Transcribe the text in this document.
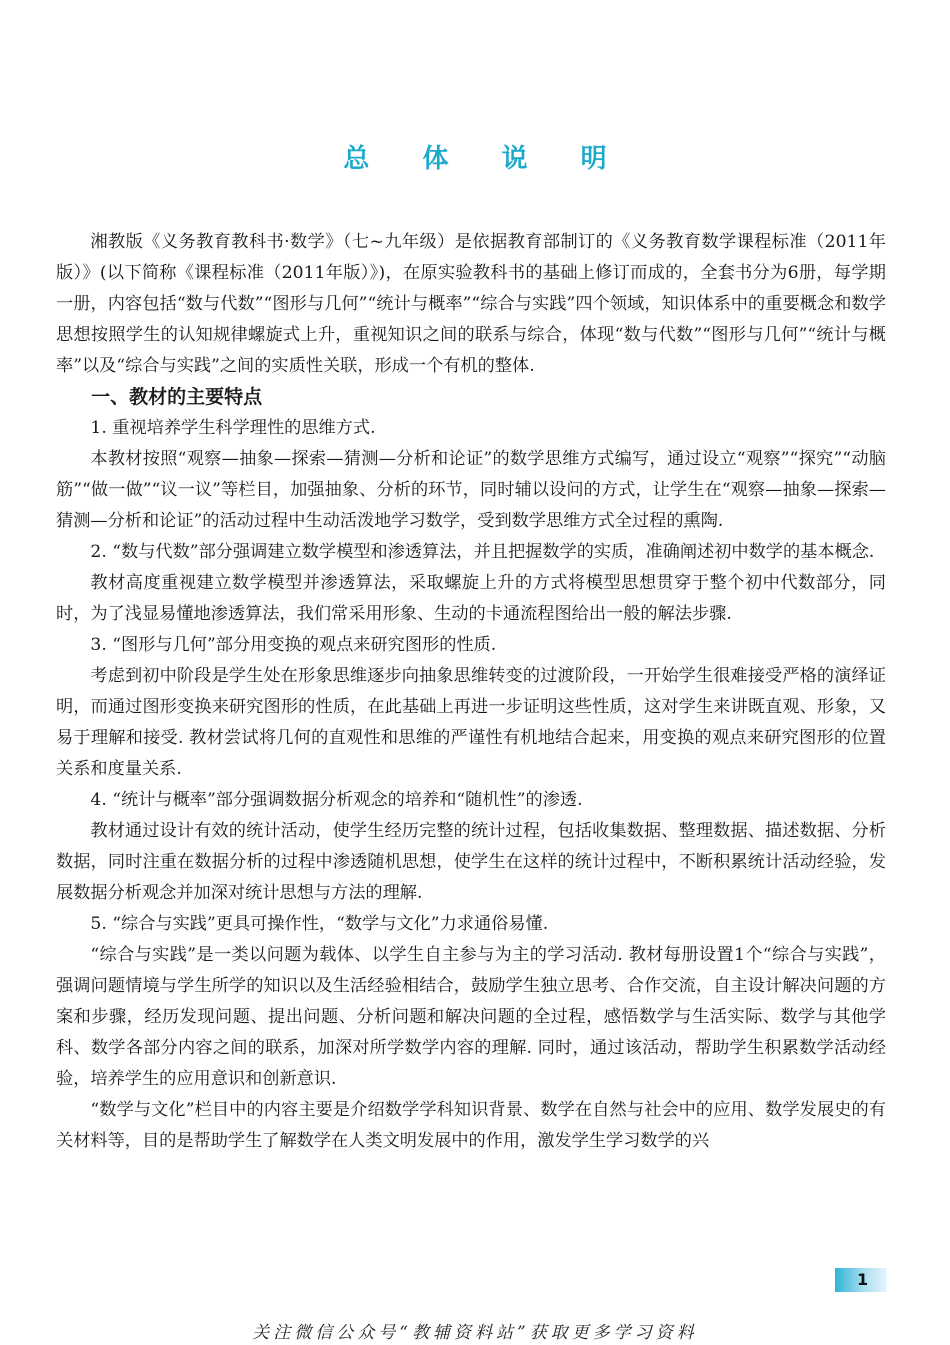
总 体 说 明

湘教版《义务教育教科书·数学》（七~九年级）是依据教育部制订的《义务教育数学课程标准（2011年版）》(以下简称《课程标准（2011年版）》)，在原实验教科书的基础上修订而成的，全套书分为6册，每学期一册，内容包括“数与代数”“图形与几何”“统计与概率”“综合与实践”四个领域，知识体系中的重要概念和数学思想按照学生的认知规律螺旋式上升，重视知识之间的联系与综合，体现“数与代数”“图形与几何”“统计与概率”以及“综合与实践”之间的实质性关联，形成一个有机的整体.

一、教材的主要特点

1. 重视培养学生科学理性的思维方式.

本教材按照“观察—抽象—探索—猜测—分析和论证”的数学思维方式编写，通过设立“观察”“探究”“动脑筋”“做一做”“议一议”等栏目，加强抽象、分析的环节，同时辅以设问的方式，让学生在“观察—抽象—探索—猜测—分析和论证”的活动过程中生动活泼地学习数学，受到数学思维方式全过程的熏陶.

2. “数与代数”部分强调建立数学模型和渗透算法，并且把握数学的实质，准确阐述初中数学的基本概念.

教材高度重视建立数学模型并渗透算法，采取螺旋上升的方式将模型思想贯穿于整个初中代数部分，同时，为了浅显易懂地渗透算法，我们常采用形象、生动的卡通流程图给出一般的解法步骤.

3. “图形与几何”部分用变换的观点来研究图形的性质.

考虑到初中阶段是学生处在形象思维逐步向抽象思维转变的过渡阶段，一开始学生很难接受严格的演绎证明，而通过图形变换来研究图形的性质，在此基础上再进一步证明这些性质，这对学生来讲既直观、形象，又易于理解和接受. 教材尝试将几何的直观性和思维的严谨性有机地结合起来，用变换的观点来研究图形的位置关系和度量关系.

4. “统计与概率”部分强调数据分析观念的培养和“随机性”的渗透.

教材通过设计有效的统计活动，使学生经历完整的统计过程，包括收集数据、整理数据、描述数据、分析数据，同时注重在数据分析的过程中渗透随机思想，使学生在这样的统计过程中，不断积累统计活动经验，发展数据分析观念并加深对统计思想与方法的理解.

5. “综合与实践”更具可操作性，“数学与文化”力求通俗易懂.

“综合与实践”是一类以问题为载体、以学生自主参与为主的学习活动. 教材每册设置1个“综合与实践”，强调问题情境与学生所学的知识以及生活经验相结合，鼓励学生独立思考、合作交流，自主设计解决问题的方案和步骤，经历发现问题、提出问题、分析问题和解决问题的全过程，感悟数学与生活实际、数学与其他学科、数学各部分内容之间的联系，加深对所学数学内容的理解. 同时，通过该活动，帮助学生积累数学活动经验，培养学生的应用意识和创新意识.

“数学与文化”栏目中的内容主要是介绍数学学科知识背景、数学在自然与社会中的应用、数学发展史的有关材料等，目的是帮助学生了解数学在人类文明发展中的作用，激发学生学习数学的兴

1
关注微信公众号“教辅资料站”获取更多学习资料
